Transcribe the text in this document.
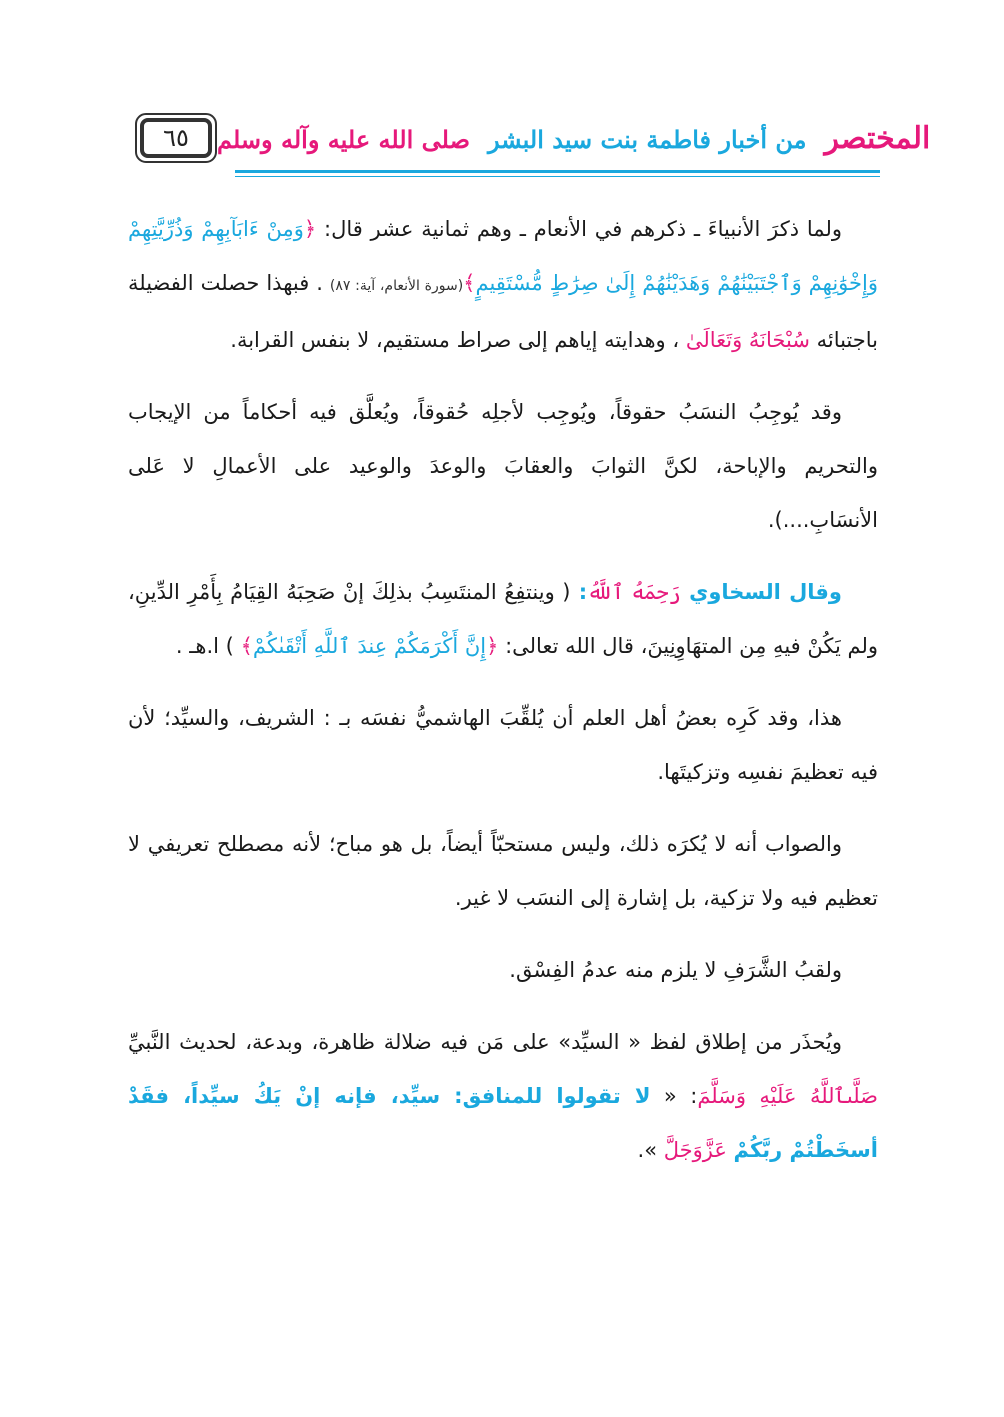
٦٥	المختصر
من أخبار فاطمة بنت سيد البشر
صلى الله عليه وآله وسلم

ولما ذكرَ الأنبياءَ ـ ذكرهم في الأنعام ـ وهم ثمانية عشر قال: ﴿وَمِنْ ءَابَآبِهِمْ وَذُرِّيَّتِهِمْ وَإِخْوَٰنِهِمْ وَٱجْتَبَيْنَٰهُمْ وَهَدَيْنَٰهُمْ إِلَىٰ صِرَٰطٍ مُّسْتَقِيمٍ﴾(سورة الأنعام، آية: ٨٧) . فبهذا حصلت الفضيلة باجتبائه سُبْحَانَهُ وَتَعَالَىٰ ، وهدايته إياهم إلى صراط مستقيم، لا بنفس القرابة.

وقد يُوجِبُ النسَبُ حقوقاً، ويُوجِب لأجلِه حُقوقاً، ويُعلَّق فيه أحكاماً من الإيجاب والتحريم والإباحة، لكنَّ الثوابَ والعقابَ والوعدَ والوعيد على الأعمالِ لا عَلى الأنسَابِ....).

وقال السخاوي رَحِمَهُ ٱللَّهُ: ( وينتفِعُ المنتَسِبُ بذلِكَ إنْ صَحِبَهُ القِيَامُ بِأَمْرِ الدِّينِ، ولم يَكُنْ فيهِ مِن المتهَاوِنِينَ، قال الله تعالى: ﴿إِنَّ أَكْرَمَكُمْ عِندَ ٱللَّهِ أَتْقَىٰكُمْ﴾ ) ا.هـ .

هذا، وقد كَرِه بعضُ أهل العلم أن يُلقِّبَ الهاشميُّ نفسَه بـ : الشريف، والسيِّد؛ لأن فيه تعظيمَ نفسِه وتزكيتَها.

والصواب أنه لا يُكرَه ذلك، وليس مستحبّاً أيضاً، بل هو مباح؛ لأنه مصطلح تعريفي لا تعظيم فيه ولا تزكية، بل إشارة إلى النسَب لا غير.

ولقبُ الشَّرَفِ لا يلزم منه عدمُ الفِسْق.

ويُحذَر من إطلاق لفظ « السيِّد» على مَن فيه ضلالة ظاهرة، وبدعة، لحديث النَّبيِّ صَلَّىٱللَّهُ عَلَيْهِ وَسَلَّمَ: « لا تقولوا للمنافق: سيِّد، فإنه إنْ يَكُ سيِّداً، فقَدْ أسخَطْتُمْ ربَّكُمْ عَزَّوَجَلَّ ».
